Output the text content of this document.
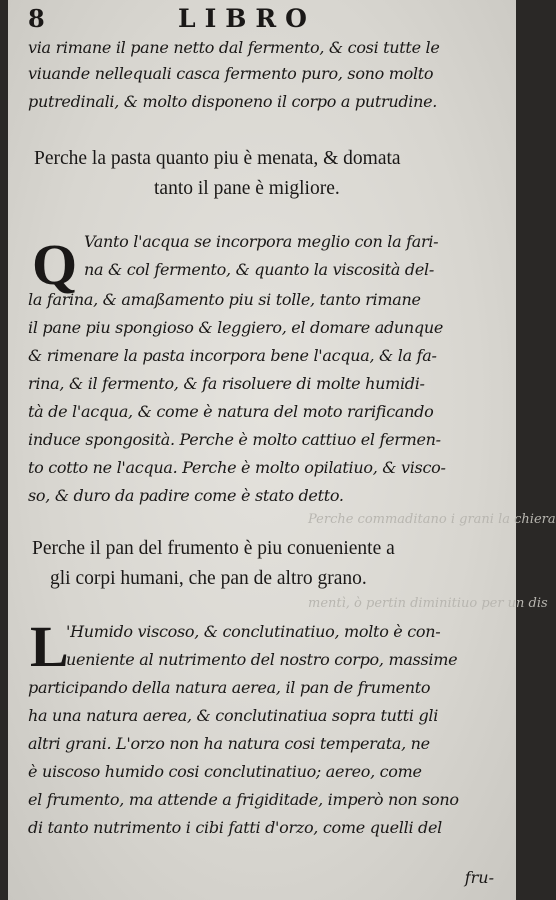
Perche commaditano i grani la chiera
mentì, ò pertin diminitiuo per un dis
8	LIBRO
via rimane il pane netto dal fermento, & cosi tutte le
viuande nellequali casca fermento puro, sono molto
putredinali, & molto disponeno il corpo a putrudine.
Perche la pasta quanto piu è menata, & domata
tanto il pane è migliore.
Q Vanto l'acqua se incorpora meglio con la fari-
na & col fermento, & quanto la viscosità del-
la farina, & amaßamento piu si tolle, tanto rimane
il pane piu spongioso & leggiero, el domare adunque
& rimenare la pasta incorpora bene l'acqua, & la fa-
rina, & il fermento, & fa risoluere di molte humidi-
tà de l'acqua, & come è natura del moto rarificando
induce spongosità. Perche è molto cattiuo el fermen-
to cotto ne l'acqua. Perche è molto opilatiuo, & visco-
so, & duro da padire come è stato detto.
Perche il pan del frumento è piu conueniente a
gli corpi humani, che pan de altro grano.
L
'Humido viscoso, & conclutinatiuo, molto è con-
ueniente al nutrimento del nostro corpo, massime
participando della natura aerea, il pan de frumento
ha una natura aerea, & conclutinatiua sopra tutti gli
altri grani. L'orzo non ha natura cosi temperata, ne
è uiscoso humido cosi conclutinatiuo; aereo, come
el frumento, ma attende a frigiditade, imperò non sono
di tanto nutrimento i cibi fatti d'orzo, come quelli del
fru-
